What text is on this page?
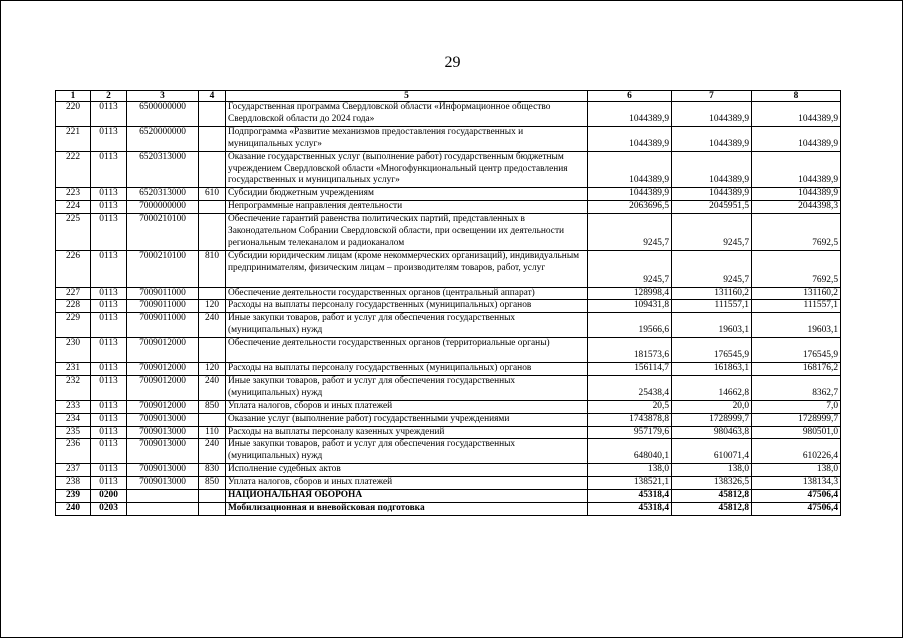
29
1	2	3	4	5	6	7	8
220	0113	6500000000		Государственная программа Свердловской области «Информационное общество Свердловской области до 2024 года»	1044389,9	1044389,9	1044389,9
221	0113	6520000000		Подпрограмма «Развитие механизмов предоставления государственных и муниципальных услуг»	1044389,9	1044389,9	1044389,9
222	0113	6520313000		Оказание государственных услуг (выполнение работ) государственным бюджетным учреждением Свердловской области «Многофункциональный центр предоставления государственных и муниципальных услуг»	1044389,9	1044389,9	1044389,9
223	0113	6520313000	610	Субсидии бюджетным учреждениям	1044389,9	1044389,9	1044389,9
224	0113	7000000000		Непрограммные направления деятельности	2063696,5	2045951,5	2044398,3
225	0113	7000210100		Обеспечение гарантий равенства политических партий, представленных в Законодательном Собрании Свердловской области, при освещении их деятельности региональным телеканалом и радиоканалом	9245,7	9245,7	7692,5
226	0113	7000210100	810	Субсидии юридическим лицам (кроме некоммерческих организаций), индивидуальным предпринимателям, физическим лицам – производителям товаров, работ, услуг	9245,7	9245,7	7692,5
227	0113	7009011000		Обеспечение деятельности государственных органов (центральный аппарат)	128998,4	131160,2	131160,2
228	0113	7009011000	120	Расходы на выплаты персоналу государственных (муниципальных) органов	109431,8	111557,1	111557,1
229	0113	7009011000	240	Иные закупки товаров, работ и услуг для обеспечения государственных (муниципальных) нужд	19566,6	19603,1	19603,1
230	0113	7009012000		Обеспечение деятельности государственных органов (территориальные органы)	181573,6	176545,9	176545,9
231	0113	7009012000	120	Расходы на выплаты персоналу государственных (муниципальных) органов	156114,7	161863,1	168176,2
232	0113	7009012000	240	Иные закупки товаров, работ и услуг для обеспечения государственных (муниципальных) нужд	25438,4	14662,8	8362,7
233	0113	7009012000	850	Уплата налогов, сборов и иных платежей	20,5	20,0	7,0
234	0113	7009013000		Оказание услуг (выполнение работ) государственными учреждениями	1743878,8	1728999,7	1728999,7
235	0113	7009013000	110	Расходы на выплаты персоналу казенных учреждений	957179,6	980463,8	980501,0
236	0113	7009013000	240	Иные закупки товаров, работ и услуг для обеспечения государственных (муниципальных) нужд	648040,1	610071,4	610226,4
237	0113	7009013000	830	Исполнение судебных актов	138,0	138,0	138,0
238	0113	7009013000	850	Уплата налогов, сборов и иных платежей	138521,1	138326,5	138134,3
239	0200			НАЦИОНАЛЬНАЯ ОБОРОНА	45318,4	45812,8	47506,4
240	0203			Мобилизационная и вневойсковая подготовка	45318,4	45812,8	47506,4
